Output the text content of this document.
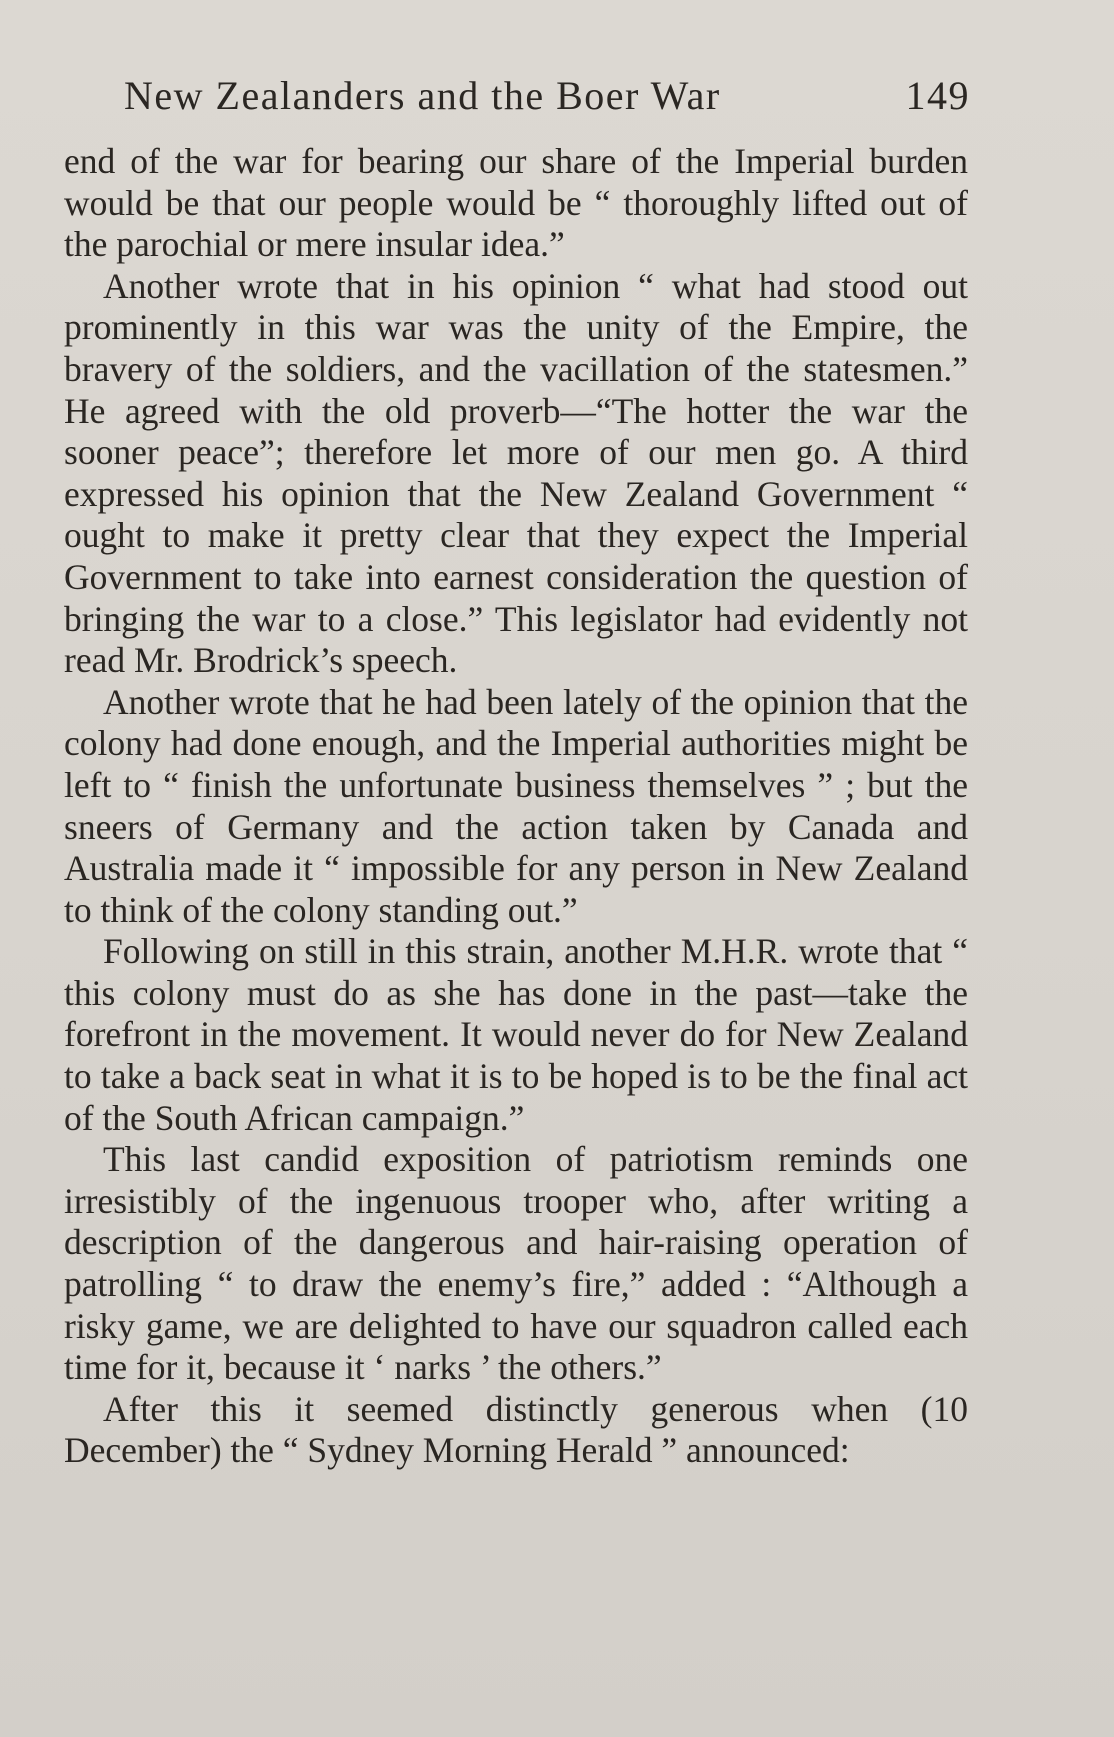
New Zealanders and the Boer War	149

end of the war for bearing our share of the Imperial burden would be that our people would be “ thoroughly lifted out of the parochial or mere insular idea.”

Another wrote that in his opinion “ what had stood out prominently in this war was the unity of the Empire, the bravery of the soldiers, and the vacillation of the statesmen.” He agreed with the old proverb—“The hotter the war the sooner peace”; therefore let more of our men go. A third expressed his opinion that the New Zealand Government “ ought to make it pretty clear that they expect the Imperial Government to take into earnest consideration the question of bringing the war to a close.” This legislator had evidently not read Mr. Brodrick’s speech.

Another wrote that he had been lately of the opinion that the colony had done enough, and the Imperial authorities might be left to “ finish the unfortunate business themselves ” ; but the sneers of Germany and the action taken by Canada and Australia made it “ impossible for any person in New Zealand to think of the colony standing out.”

Following on still in this strain, another M.H.R. wrote that “ this colony must do as she has done in the past—take the forefront in the movement. It would never do for New Zealand to take a back seat in what it is to be hoped is to be the final act of the South African campaign.”

This last candid exposition of patriotism reminds one irresistibly of the ingenuous trooper who, after writing a description of the dangerous and hair-raising operation of patrolling “ to draw the enemy’s fire,” added : “Although a risky game, we are delighted to have our squadron called each time for it, because it ‘ narks ’ the others.”

After this it seemed distinctly generous when (10 December) the “ Sydney Morning Herald ” announced:
